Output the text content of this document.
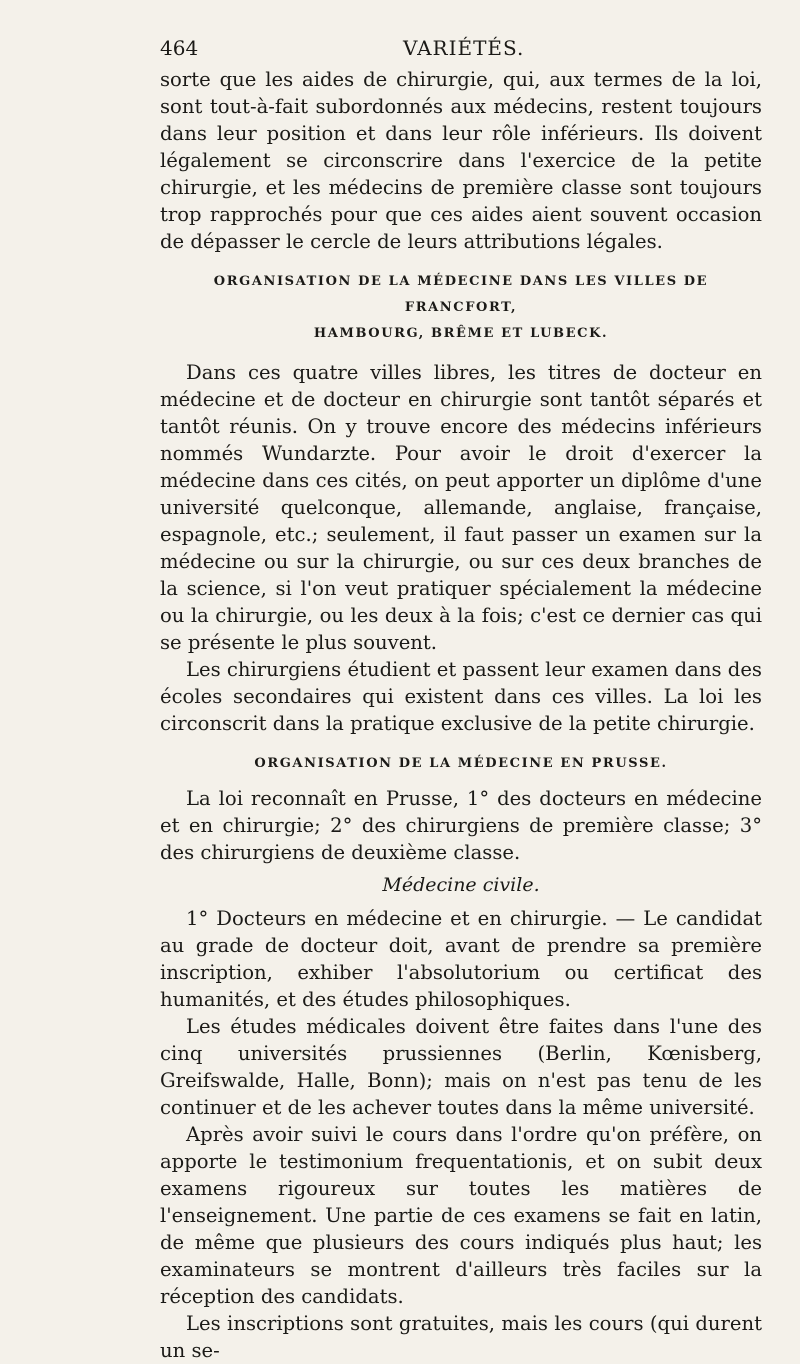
464	VARIÉTÉS.

sorte que les aides de chirurgie, qui, aux termes de la loi, sont tout-à-fait subordonnés aux médecins, restent toujours dans leur position et dans leur rôle inférieurs. Ils doivent légalement se circonscrire dans l'exercice de la petite chirurgie, et les médecins de première classe sont toujours trop rapprochés pour que ces aides aient souvent occasion de dépasser le cercle de leurs attributions légales.

ORGANISATION DE LA MÉDECINE DANS LES VILLES DE FRANCFORT,
HAMBOURG, BRÊME ET LUBECK.

Dans ces quatre villes libres, les titres de docteur en médecine et de docteur en chirurgie sont tantôt séparés et tantôt réunis. On y trouve encore des médecins inférieurs nommés Wundarzte. Pour avoir le droit d'exercer la médecine dans ces cités, on peut apporter un diplôme d'une université quelconque, allemande, anglaise, française, espagnole, etc.; seulement, il faut passer un examen sur la médecine ou sur la chirurgie, ou sur ces deux branches de la science, si l'on veut pratiquer spécialement la médecine ou la chirurgie, ou les deux à la fois; c'est ce dernier cas qui se présente le plus souvent.

Les chirurgiens étudient et passent leur examen dans des écoles secondaires qui existent dans ces villes. La loi les circonscrit dans la pratique exclusive de la petite chirurgie.

ORGANISATION DE LA MÉDECINE EN PRUSSE.

La loi reconnaît en Prusse, 1° des docteurs en médecine et en chirurgie; 2° des chirurgiens de première classe; 3° des chirurgiens de deuxième classe.

Médecine civile.

1° Docteurs en médecine et en chirurgie. — Le candidat au grade de docteur doit, avant de prendre sa première inscription, exhiber l'absolutorium ou certificat des humanités, et des études philosophiques.

Les études médicales doivent être faites dans l'une des cinq universités prussiennes (Berlin, Kœnisberg, Greifswalde, Halle, Bonn); mais on n'est pas tenu de les continuer et de les achever toutes dans la même université.

Après avoir suivi le cours dans l'ordre qu'on préfère, on apporte le testimonium frequentationis, et on subit deux examens rigoureux sur toutes les matières de l'enseignement. Une partie de ces examens se fait en latin, de même que plusieurs des cours indiqués plus haut; les examinateurs se montrent d'ailleurs très faciles sur la réception des candidats.

Les inscriptions sont gratuites, mais les cours (qui durent un se-
